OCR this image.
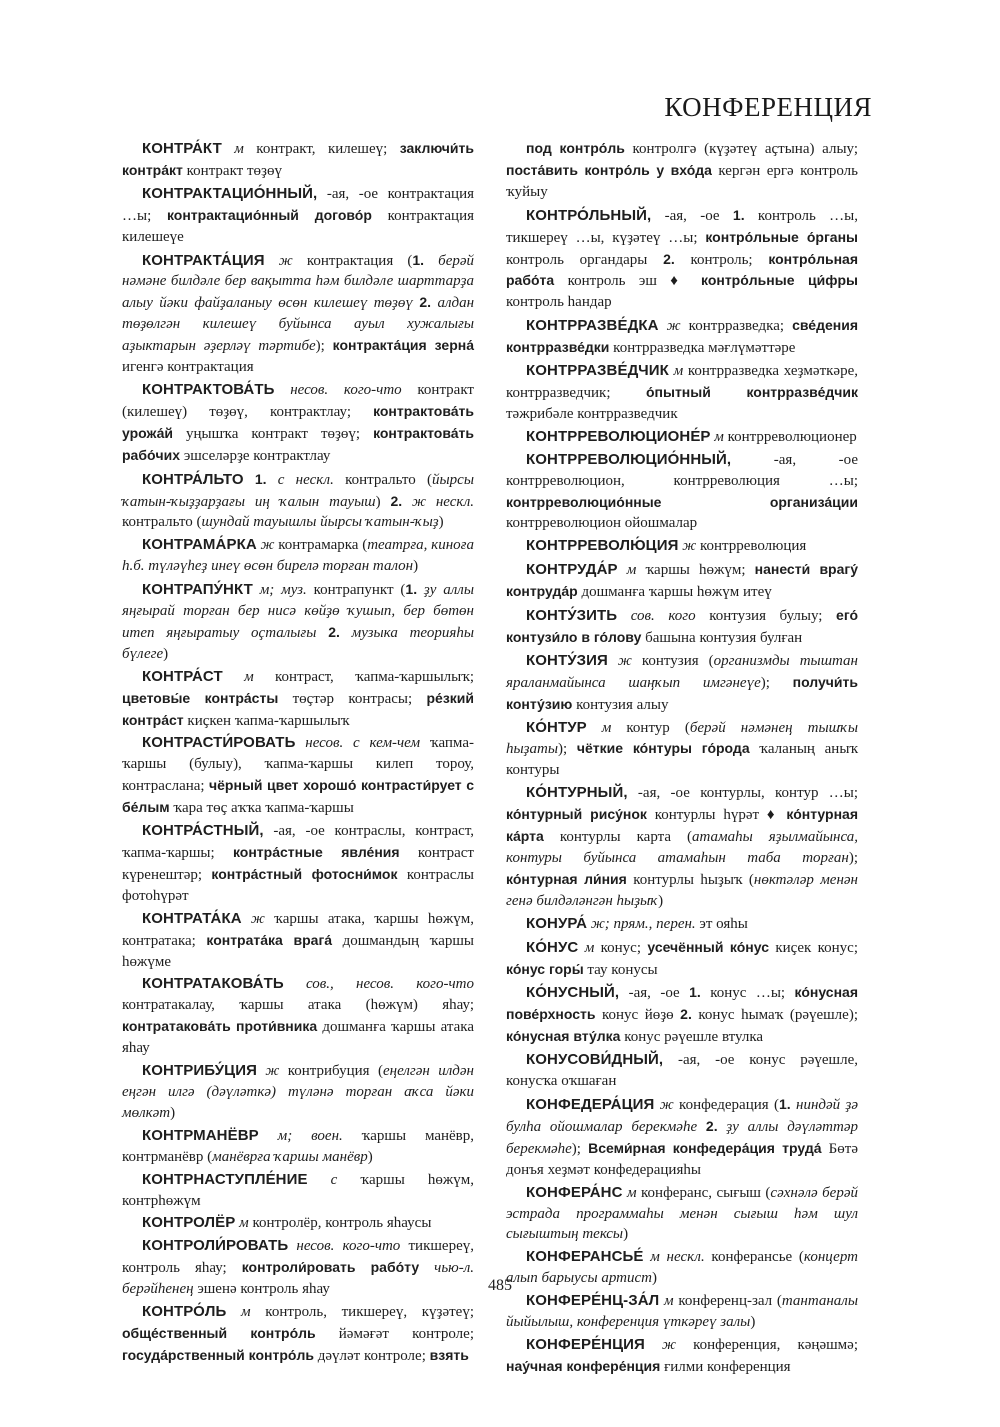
КОНФЕРЕНЦИЯ

КОНТРА́КТ м контракт, килешеү; заключи́ть контра́кт контракт төҙөү

КОНТРАКТАЦИО́ННЫЙ, -ая, -ое контрактация …ы; контрактацио́нный догово́р контрактация килешеүе

КОНТРАКТА́ЦИЯ ж контрактация (1. берәй нәмәне билдәле бер вақытта hәм билдәле шарттарҙа алыу йәки файҙаланыу өсөн килешеү төҙөү 2. алдан төҙөлгән килешеү буйынса ауыл хужалығы аҙыктарын әҙерләү тәртибе); контракта́ция зерна́ игенгә контрактация

КОНТРАКТОВА́ТЬ несов. кого-что контракт (килешеү) төҙөү, контрактлау; контрактова́ть урожа́й уңышҡа контракт төҙөү; контрактова́ть рабо́чих эшселәрҙе контрактлау

КОНТРА́ЛЬТО 1. с нескл. контральто (йырсы ҡатын-ҡыҙҙарҙағы иң ҡалын тауыш) 2. ж нескл. контральто (шундай тауышлы йырсы ҡатын-ҡыҙ)

КОНТРАМА́РКА ж контрамарка (театрға, киноға h.б. түләүһеҙ инеү өсөн бирелә торған талон)

КОНТРАПУ́НКТ м; муз. контрапункт (1. ҙу аллы яңғырай торған бер нисә көйҙө ҡушып, бер бөтөн итеп яңғыратыу оҫталығы 2. музыка теорияһы бүлеге)

КОНТРА́СТ м контраст, ҡапма-ҡаршылыҡ; цветовы́е контра́сты төҫтәр контрасы; ре́зкий контра́ст киҫкен ҡапма-ҡаршылыҡ

КОНТРАСТИ́РОВАТЬ несов. с кем-чем ҡапма-ҡаршы (булыу), ҡапма-ҡаршы килеп тороу, контраслана; чёрный цвет хорошо́ контрасти́рует с бе́лым ҡара төҫ аҡҡа ҡапма-ҡаршы

КОНТРА́СТНЫЙ, -ая, -ое контраслы, контраст, ҡапма-ҡаршы; контра́стные явле́ния контраст күренештәр; контра́стный фотосни́мок контраслы фотоһүрәт

КОНТРАТА́КА ж ҡаршы атака, ҡаршы һөжүм, контратака; контрата́ка врага́ дошмандың ҡаршы һөжүме

КОНТРАТАКОВА́ТЬ сов., несов. кого-что контратакалау, ҡаршы атака (һөжүм) яһау; контратакова́ть проти́вника дошманға ҡаршы атака яһау

КОНТРИБУ́ЦИЯ ж контрибуция (еңелгән илдән еңгән илгә (дәүләткә) түләнә торған аҡса йәки мөлкәт)

КОНТРМАНЁВР м; воен. ҡаршы манёвр, контрманёвр (манёврға ҡаршы манёвр)

КОНТРНАСТУПЛЕ́НИЕ с ҡаршы һөжүм, контрһөжүм

КОНТРОЛЁР м контролёр, контроль яһаусы

КОНТРОЛИ́РОВАТЬ несов. кого-что тикшереү, контроль яһау; контроли́ровать рабо́ту чью-л. берәйһенең эшенә контроль яһау

КОНТРО́ЛЬ м контроль, тикшереү, күҙәтеү; обще́ственный контро́ль йәмәғәт контроле; госуда́рственный контро́ль дәүләт контроле; взять

под контро́ль контролгә (күҙәтеү аҫтына) алыу; поста́вить контро́ль у вхо́да кергән ергә контроль ҡуйыу

КОНТРО́ЛЬНЫЙ, -ая, -ое 1. контроль …ы, тикшереү …ы, күҙәтеү …ы; контро́льные о́рганы контроль органдары 2. контроль; контро́льная рабо́та контроль эш ♦ контро́льные ци́фры контроль һандар

КОНТРРАЗВЕ́ДКА ж контрразведка; све́дения контрразве́дки контрразведка мәғлүмәттәре

КОНТРРАЗВЕ́ДЧИК м контрразведка хеҙмәткәре, контрразведчик; о́пытный контрразве́дчик тәжрибәле контрразведчик

КОНТРРЕВОЛЮЦИОНЕ́Р м контрреволюционер

КОНТРРЕВОЛЮЦИО́ННЫЙ, -ая, -ое контрреволюцион, контрреволюция …ы; контрреволюцио́нные организа́ции контрреволюцион ойошмалар

КОНТРРЕВОЛЮ́ЦИЯ ж контрреволюция

КОНТРУДА́Р м ҡаршы һөжүм; нанести́ врагу́ контруда́р дошманға ҡаршы һөжүм итеү

КОНТУ́ЗИТЬ сов. кого контузия булыу; его́ контузи́ло в го́лову башына контузия булған

КОНТУ́ЗИЯ ж контузия (организмды тыштан яраланмайынса шаңҡып имгәнеүе); получи́ть конту́зию контузия алыу

КО́НТУР м контур (берәй нәмәнең тышҡы һыҙаты); чёткие ко́нтуры го́рода ҡаланың аныҡ контуры

КО́НТУРНЫЙ, -ая, -ое контурлы, контур …ы; ко́нтурный рису́нок контурлы һүрәт ♦ ко́нтурная ка́рта контурлы карта (атамаһы яҙылмайынса, контуры буйынса атамаһын таба торған); ко́нтурная ли́ния контурлы һыҙыҡ (нөктәләр менән генә билдәләнгән һыҙыҡ)

КОНУРА́ ж; прям., перен. эт ояһы

КО́НУС м конус; усечённый ко́нус киҫек конус; ко́нус горы́ тау конусы

КО́НУСНЫЙ, -ая, -ое 1. конус …ы; ко́нусная пове́рхность конус йөҙө 2. конус һымаҡ (рәүешле); ко́нусная вту́лка конус рәүешле втулка

КОНУСОВИ́ДНЫЙ, -ая, -ое конус рәүешле, конусҡа оҡшаған

КОНФЕДЕРА́ЦИЯ ж конфедерация (1. ниндәй ҙә булһа ойошмалар берекмәһе 2. ҙу аллы дәүләттәр берекмәһе); Всеми́рная конфедера́ция труда́ Бөтә донъя хеҙмәт конфедерацияһы

КОНФЕРА́НС м конферанс, сығыш (сәхнәлә берәй эстрада программаһы менән сығыш һәм шул сығыштың тексы)

КОНФЕРАНСЬЕ́ м нескл. конферансье (концерт алып барыусы артист)

КОНФЕРЕ́НЦ-ЗА́Л м конференц-зал (тантаналы йыйылыш, конференция үткәреү залы)

КОНФЕРЕ́НЦИЯ ж конференция, кәңәшмә; нау́чная конфере́нция ғилми конференция

485
